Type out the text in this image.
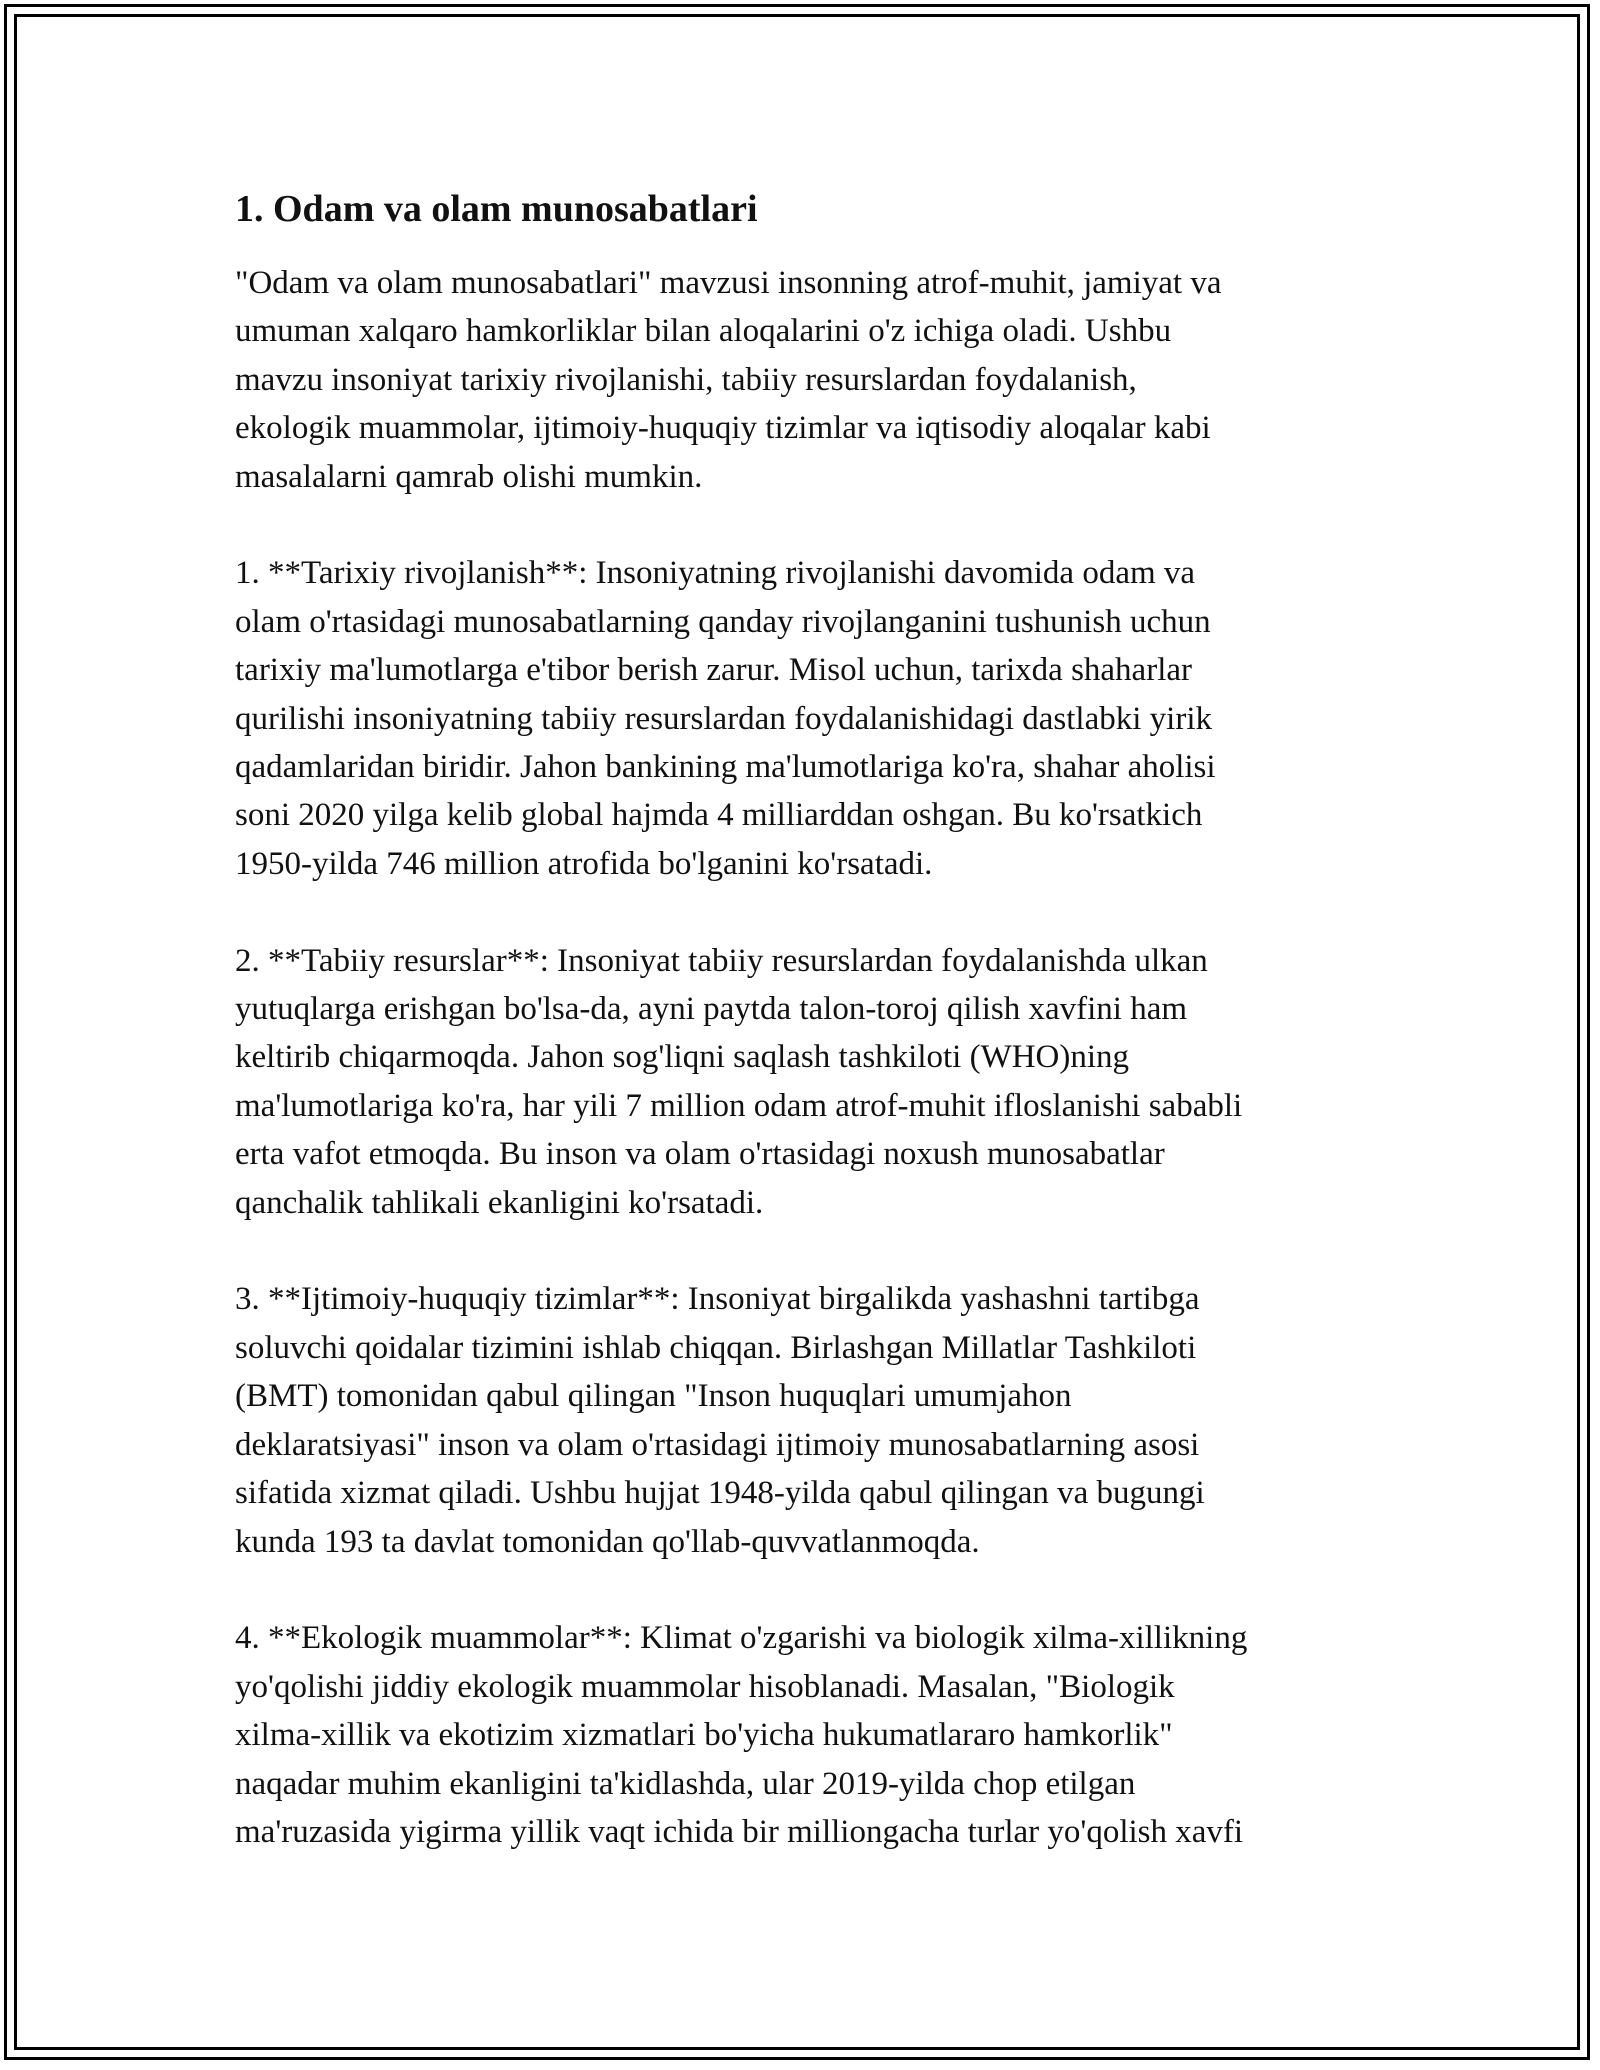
1. Odam va olam munosabatlari

"Odam va olam munosabatlari" mavzusi insonning atrof-muhit, jamiyat va
umuman xalqaro hamkorliklar bilan aloqalarini o'z ichiga oladi. Ushbu
mavzu insoniyat tarixiy rivojlanishi, tabiiy resurslardan foydalanish,
ekologik muammolar, ijtimoiy-huquqiy tizimlar va iqtisodiy aloqalar kabi
masalalarni qamrab olishi mumkin.

1. **Tarixiy rivojlanish**: Insoniyatning rivojlanishi davomida odam va
olam o'rtasidagi munosabatlarning qanday rivojlanganini tushunish uchun
tarixiy ma'lumotlarga e'tibor berish zarur. Misol uchun, tarixda shaharlar
qurilishi insoniyatning tabiiy resurslardan foydalanishidagi dastlabki yirik
qadamlaridan biridir. Jahon bankining ma'lumotlariga ko'ra, shahar aholisi
soni 2020 yilga kelib global hajmda 4 milliarddan oshgan. Bu ko'rsatkich
1950-yilda 746 million atrofida bo'lganini ko'rsatadi.

2. **Tabiiy resurslar**: Insoniyat tabiiy resurslardan foydalanishda ulkan
yutuqlarga erishgan bo'lsa-da, ayni paytda talon-toroj qilish xavfini ham
keltirib chiqarmoqda. Jahon sog'liqni saqlash tashkiloti (WHO)ning
ma'lumotlariga ko'ra, har yili 7 million odam atrof-muhit ifloslanishi sababli
erta vafot etmoqda. Bu inson va olam o'rtasidagi noxush munosabatlar
qanchalik tahlikali ekanligini ko'rsatadi.

3. **Ijtimoiy-huquqiy tizimlar**: Insoniyat birgalikda yashashni tartibga
soluvchi qoidalar tizimini ishlab chiqqan. Birlashgan Millatlar Tashkiloti
(BMT) tomonidan qabul qilingan "Inson huquqlari umumjahon
deklaratsiyasi" inson va olam o'rtasidagi ijtimoiy munosabatlarning asosi
sifatida xizmat qiladi. Ushbu hujjat 1948-yilda qabul qilingan va bugungi
kunda 193 ta davlat tomonidan qo'llab-quvvatlanmoqda.

4. **Ekologik muammolar**: Klimat o'zgarishi va biologik xilma-xillikning
yo'qolishi jiddiy ekologik muammolar hisoblanadi. Masalan, "Biologik
xilma-xillik va ekotizim xizmatlari bo'yicha hukumatlararo hamkorlik"
naqadar muhim ekanligini ta'kidlashda, ular 2019-yilda chop etilgan
ma'ruzasida yigirma yillik vaqt ichida bir milliongacha turlar yo'qolish xavfi
